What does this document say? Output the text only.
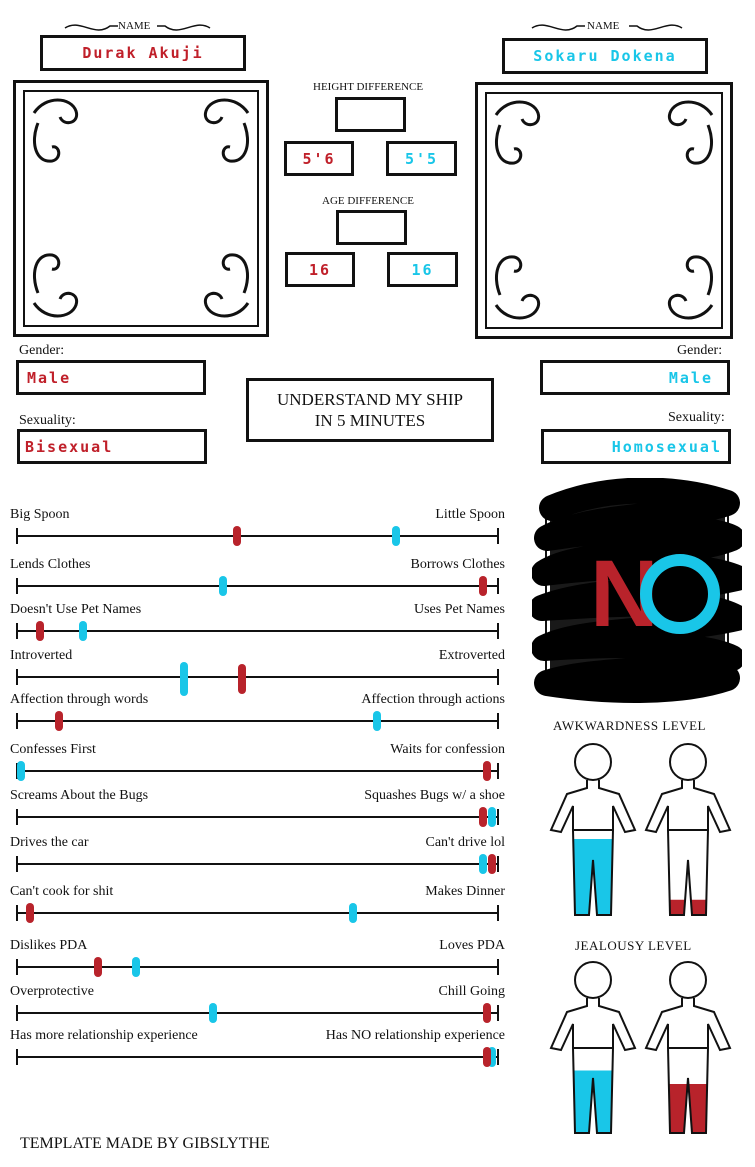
NAME
Durak Akuji
NAME
Sokaru Dokena
HEIGHT DIFFERENCE
5'6	5'5
AGE DIFFERENCE
16	16
Gender:
Male
Sexuality:
Bisexual
Gender:
Male
Sexuality:
Homosexual
UNDERSTAND MY SHIP
IN 5 MINUTES
Big Spoon	Little Spoon
Lends Clothes	Borrows Clothes
Doesn't Use Pet Names	Uses Pet Names
Introverted	Extroverted
Affection through words	Affection through actions
Confesses First	Waits for confession
Screams About the Bugs	Squashes Bugs w/ a shoe
Drives the car	Can't drive lol
Can't cook for shit	Makes Dinner
Dislikes PDA	Loves PDA
Overprotective	Chill Going
Has more relationship experience	Has NO relationship experience
N
AWKWARDNESS LEVEL
JEALOUSY LEVEL
TEMPLATE MADE BY GIBSLYTHE
